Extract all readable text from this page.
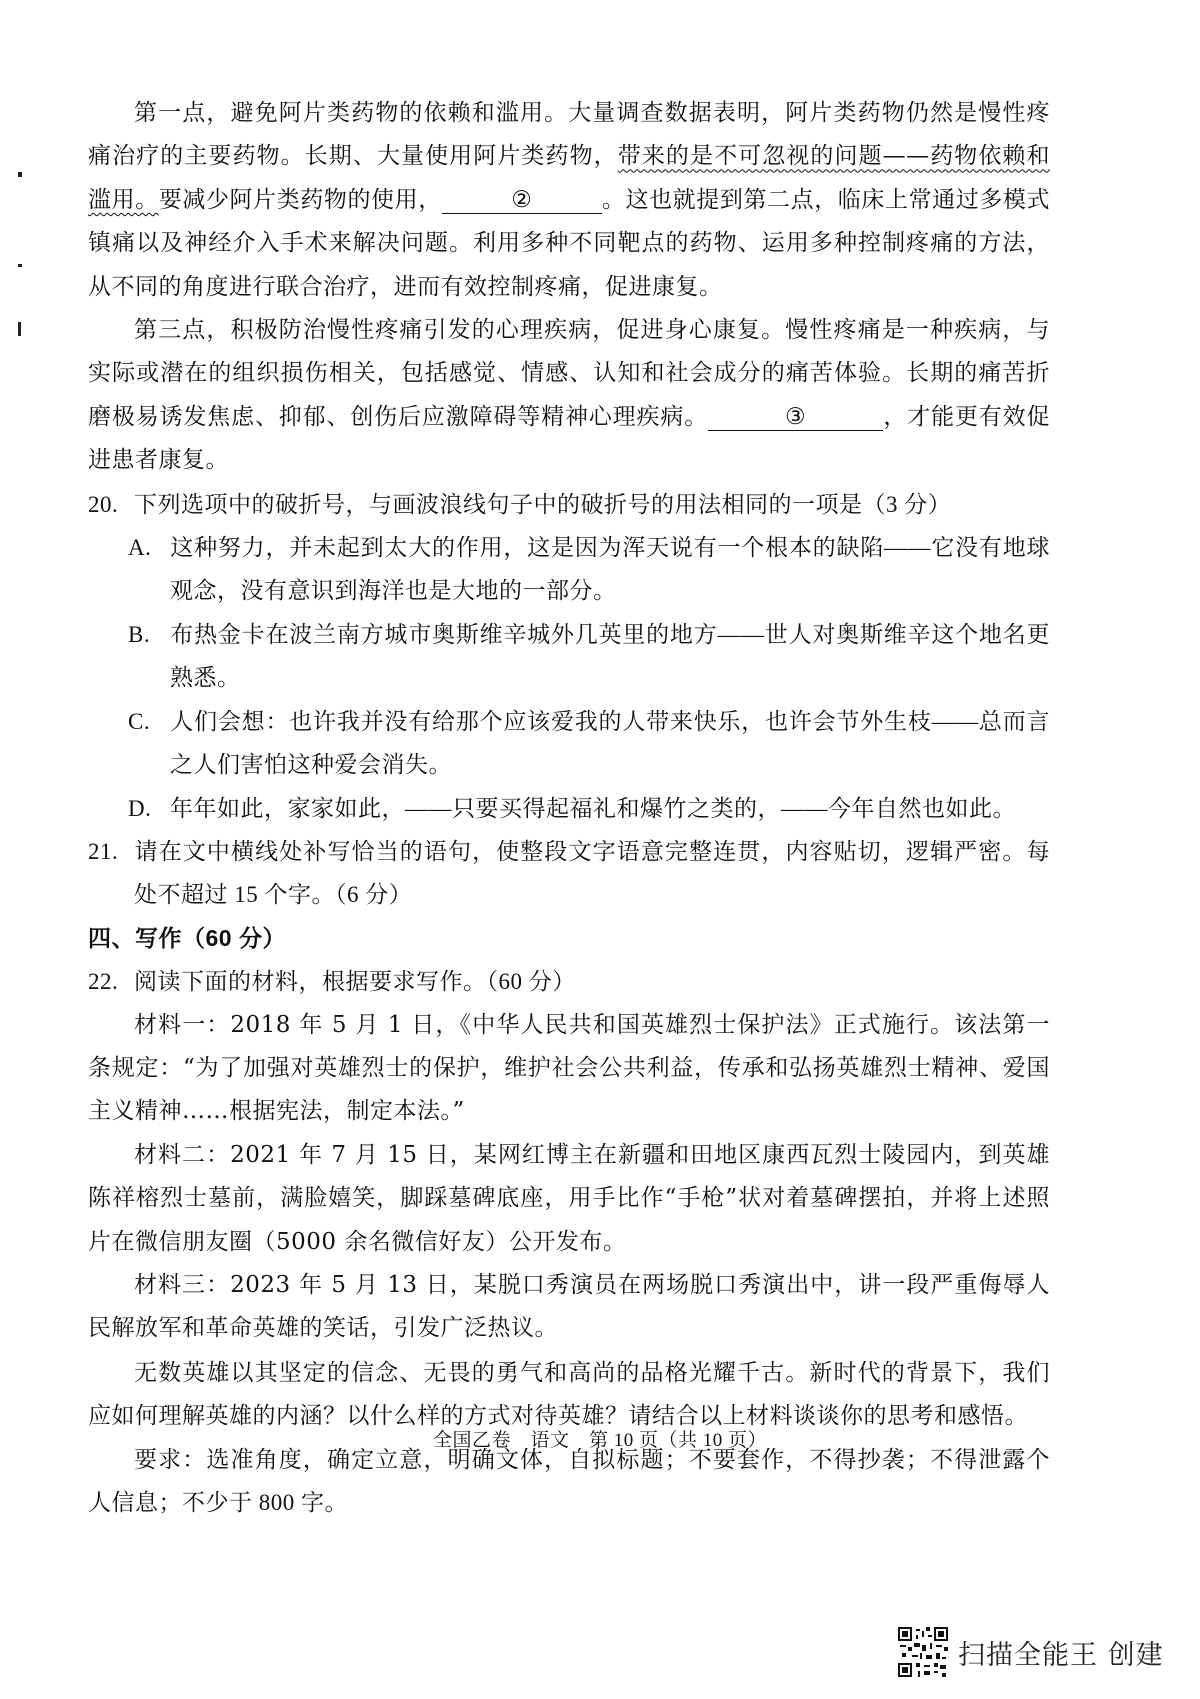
第一点，避免阿片类药物的依赖和滥用。大量调查数据表明，阿片类药物仍然是慢性疼痛治疗的主要药物。长期、大量使用阿片类药物，带来的是不可忽视的问题——药物依赖和滥用。要减少阿片类药物的使用，	②	。这也就提到第二点，临床上常通过多模式镇痛以及神经介入手术来解决问题。利用多种不同靶点的药物、运用多种控制疼痛的方法，从不同的角度进行联合治疗，进而有效控制疼痛，促进康复。

第三点，积极防治慢性疼痛引发的心理疾病，促进身心康复。慢性疼痛是一种疾病，与实际或潜在的组织损伤相关，包括感觉、情感、认知和社会成分的痛苦体验。长期的痛苦折磨极易诱发焦虑、抑郁、创伤后应激障碍等精神心理疾病。	③	，才能更有效促进患者康复。

20. 下列选项中的破折号，与画波浪线句子中的破折号的用法相同的一项是（3 分）

A. 这种努力，并未起到太大的作用，这是因为浑天说有一个根本的缺陷——它没有地球观念，没有意识到海洋也是大地的一部分。

B. 布热金卡在波兰南方城市奥斯维辛城外几英里的地方——世人对奥斯维辛这个地名更熟悉。

C. 人们会想：也许我并没有给那个应该爱我的人带来快乐，也许会节外生枝——总而言之人们害怕这种爱会消失。

D. 年年如此，家家如此，——只要买得起福礼和爆竹之类的，——今年自然也如此。

21. 请在文中横线处补写恰当的语句，使整段文字语意完整连贯，内容贴切，逻辑严密。每处不超过 15 个字。（6 分）

四、写作（60 分）

22. 阅读下面的材料，根据要求写作。（60 分）

材料一：2018 年 5 月 1 日，《中华人民共和国英雄烈士保护法》正式施行。该法第一条规定：“为了加强对英雄烈士的保护，维护社会公共利益，传承和弘扬英雄烈士精神、爱国主义精神……根据宪法，制定本法。”

材料二：2021 年 7 月 15 日，某网红博主在新疆和田地区康西瓦烈士陵园内，到英雄陈祥榕烈士墓前，满脸嬉笑，脚踩墓碑底座，用手比作“手枪”状对着墓碑摆拍，并将上述照片在微信朋友圈（5000 余名微信好友）公开发布。

材料三：2023 年 5 月 13 日，某脱口秀演员在两场脱口秀演出中，讲一段严重侮辱人民解放军和革命英雄的笑话，引发广泛热议。

无数英雄以其坚定的信念、无畏的勇气和高尚的品格光耀千古。新时代的背景下，我们应如何理解英雄的内涵？以什么样的方式对待英雄？请结合以上材料谈谈你的思考和感悟。

要求：选准角度，确定立意，明确文体，自拟标题；不要套作，不得抄袭；不得泄露个人信息；不少于 800 字。

全国乙卷　语文　第 10 页（共 10 页）
扫描全能王 创建
